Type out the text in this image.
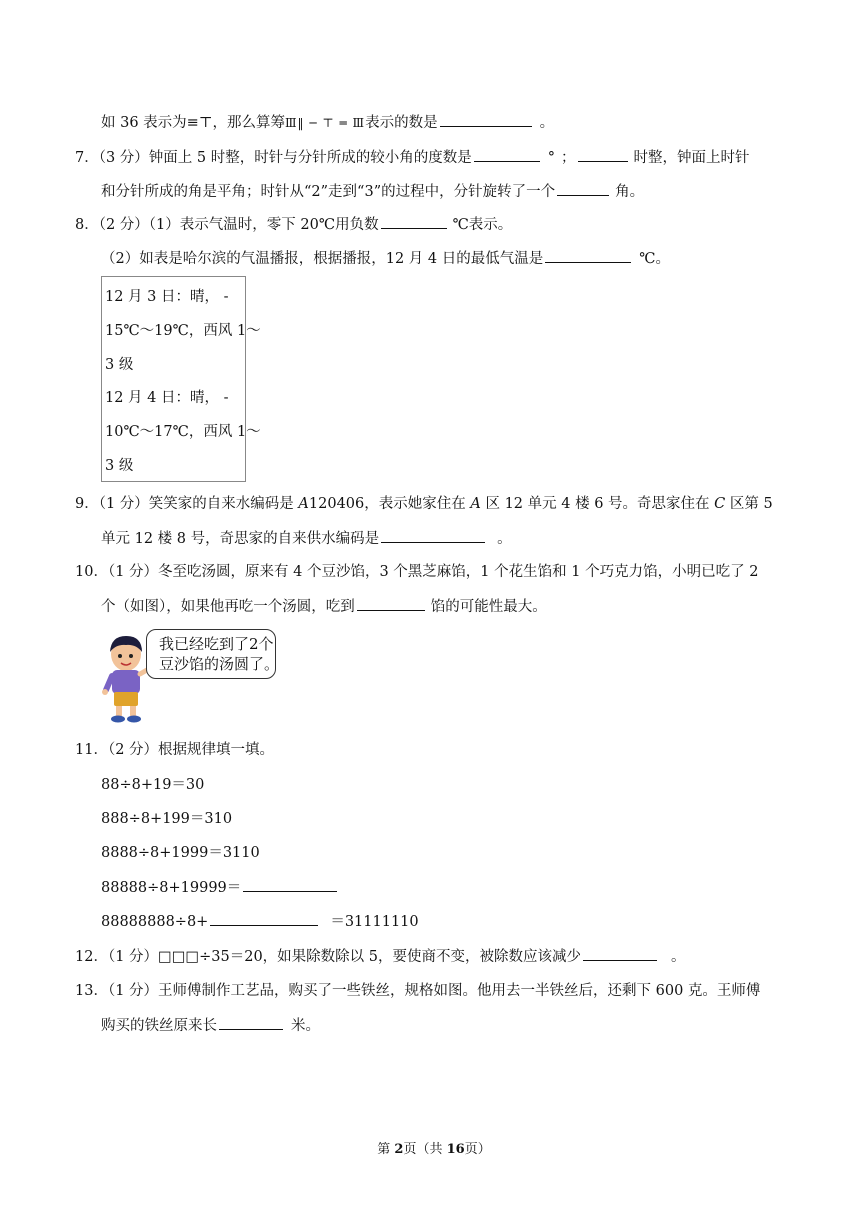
如 36 表示为≡⊤，那么算筹Ⅲ‖ ─ ⊤ ═ Ⅲ表示的数是	。
7．（3 分）钟面上 5 时整，时针与分针所成的较小角的度数是	° ；	时整，钟面上时针
和分针所成的角是平角；时针从“2”走到“3”的过程中，分针旋转了一个	角。
8．（2 分）（1）表示气温时，零下 20℃用负数	℃表示。
（2）如表是哈尔滨的气温播报，根据播报，12 月 4 日的最低气温是	℃。
12 月 3 日：晴， -
15℃～19℃，西风 1～
3 级
12 月 4 日：晴， -
10℃～17℃，西风 1～
3 级
9．（1 分）笑笑家的自来水编码是 A120406，表示她家住在 A 区 12 单元 4 楼 6 号。奇思家住在 C 区第 5
单元 12 楼 8 号，奇思家的自来供水编码是	。
10．（1 分）冬至吃汤圆，原来有 4 个豆沙馅，3 个黑芝麻馅，1 个花生馅和 1 个巧克力馅，小明已吃了 2
个（如图），如果他再吃一个汤圆，吃到	馅的可能性最大。
我已经吃到了2个
豆沙馅的汤圆了。
11．（2 分）根据规律填一填。
88÷8+19＝30
888÷8+199＝310
8888÷8+1999＝3110
88888÷8+19999＝
88888888÷8+	＝31111110
12．（1 分）□□□÷35＝20，如果除数除以 5，要使商不变，被除数应该减少	。
13．（1 分）王师傅制作工艺品，购买了一些铁丝，规格如图。他用去一半铁丝后，还剩下 600 克。王师傅
购买的铁丝原来长	米。
第 2页（共 16页）
